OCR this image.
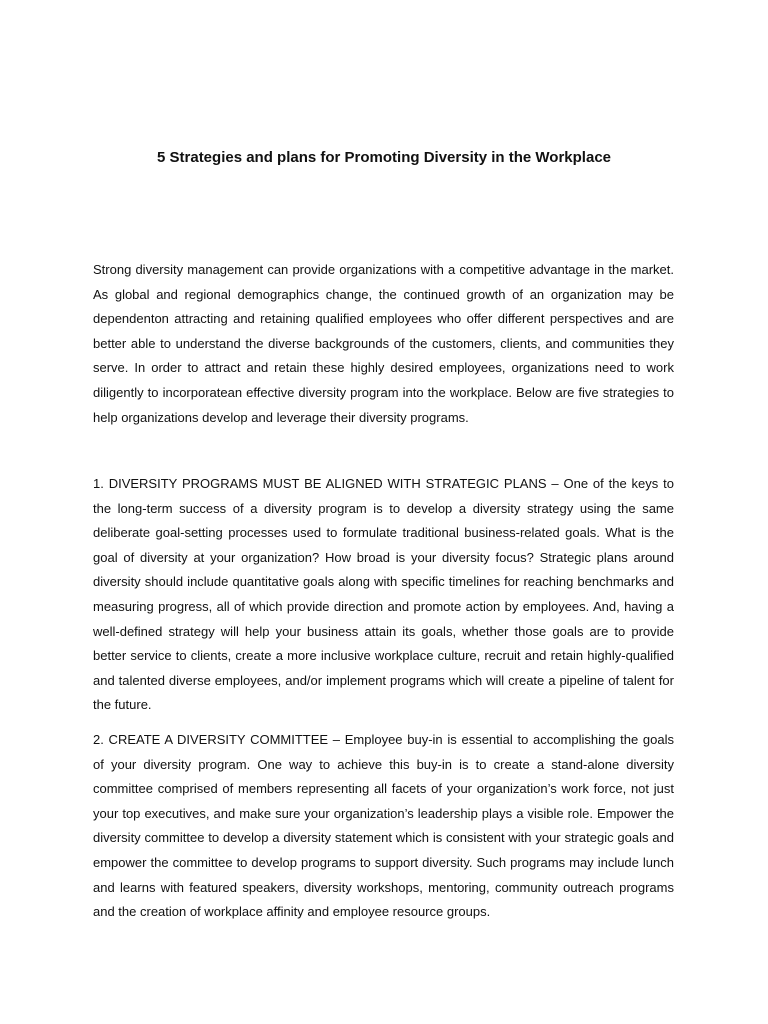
5 Strategies and plans for Promoting Diversity in the Workplace

Strong diversity management can provide organizations with a competitive advantage in the market. As global and regional demographics change, the continued growth of an organization may be dependenton attracting and retaining qualified employees who offer different perspectives and are better able to understand the diverse backgrounds of the customers, clients, and communities they serve. In order to attract and retain these highly desired employees, organizations need to work diligently to incorporatean effective diversity program into the workplace. Below are five strategies to help organizations develop and leverage their diversity programs.

1. DIVERSITY PROGRAMS MUST BE ALIGNED WITH STRATEGIC PLANS – One of the keys to the long-term success of a diversity program is to develop a diversity strategy using the same deliberate goal-setting processes used to formulate traditional business-related goals. What is the goal of diversity at your organization? How broad is your diversity focus? Strategic plans around diversity should include quantitative goals along with specific timelines for reaching benchmarks and measuring progress, all of which provide direction and promote action by employees. And, having a well-defined strategy will help your business attain its goals, whether those goals are to provide better service to clients, create a more inclusive workplace culture, recruit and retain highly-qualified and talented diverse employees, and/or implement programs which will create a pipeline of talent for the future.

2. CREATE A DIVERSITY COMMITTEE – Employee buy-in is essential to accomplishing the goals of your diversity program. One way to achieve this buy-in is to create a stand-alone diversity committee comprised of members representing all facets of your organization’s work force, not just your top executives, and make sure your organization’s leadership plays a visible role. Empower the diversity committee to develop a diversity statement which is consistent with your strategic goals and empower the committee to develop programs to support diversity. Such programs may include lunch and learns with featured speakers, diversity workshops, mentoring, community outreach programs and the creation of workplace affinity and employee resource groups.
